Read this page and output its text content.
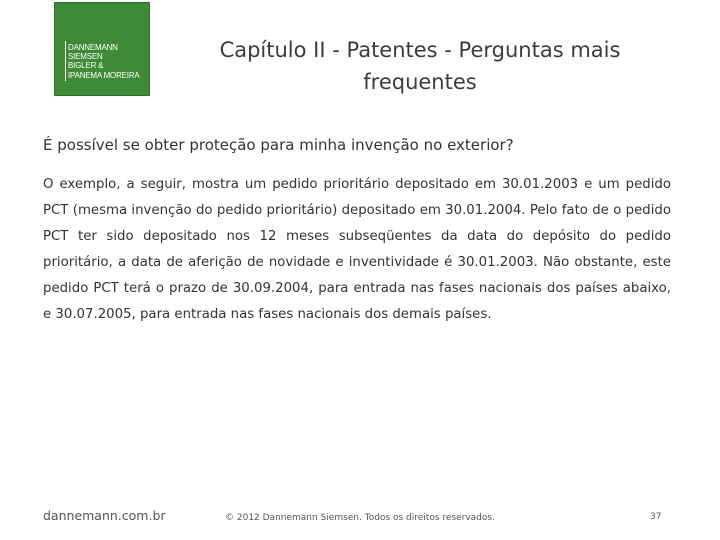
DANNEMANN
SIEMSEN
BIGLER &
IPANEMA MOREIRA
Capítulo II - Patentes - Perguntas mais frequentes
É possível se obter proteção para minha invenção no exterior?
O exemplo, a seguir, mostra um pedido prioritário depositado em 30.01.2003 e um pedido PCT (mesma invenção do pedido prioritário) depositado em 30.01.2004. Pelo fato de o pedido PCT ter sido depositado nos 12 meses subseqüentes da data do depósito do pedido prioritário, a data de aferição de novidade e inventividade é 30.01.2003. Não obstante, este pedido PCT terá o prazo de 30.09.2004, para entrada nas fases nacionais dos países abaixo, e 30.07.2005, para entrada nas fases nacionais dos demais países.
dannemann.com.br	© 2012 Dannemann Siemsen. Todos os direitos reservados.	37
